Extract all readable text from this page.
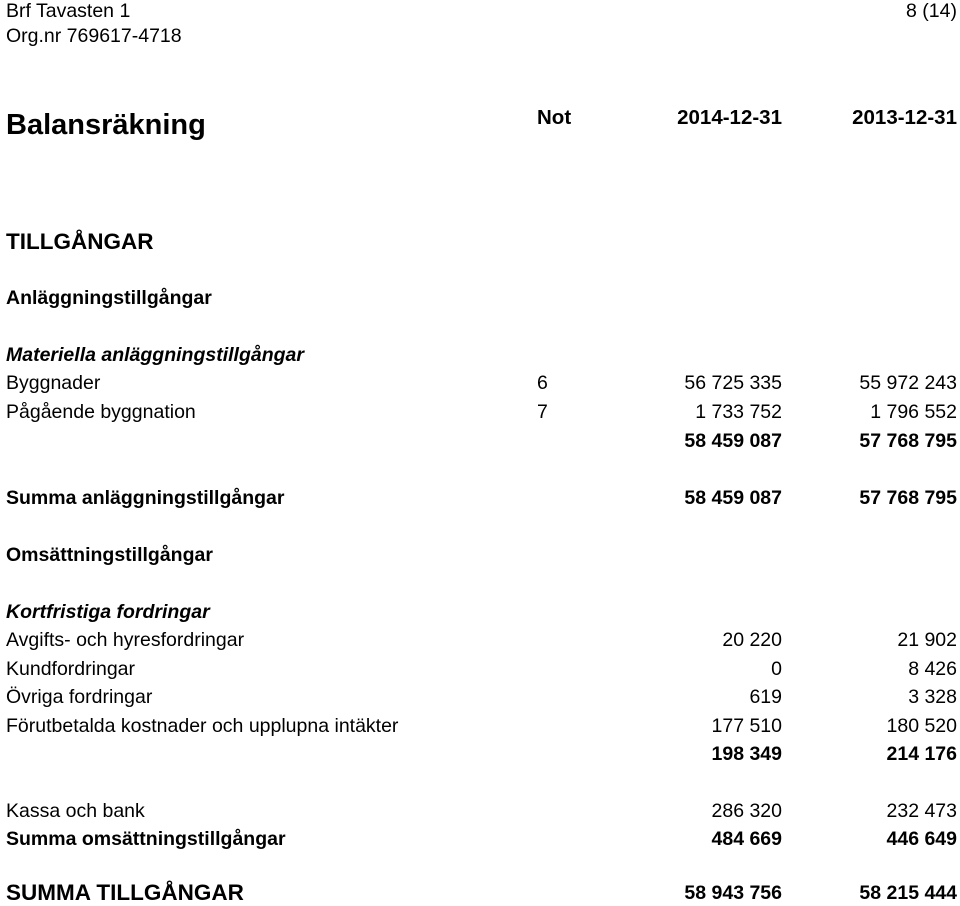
Brf Tavasten 1
Org.nr 769617-4718
8 (14)
Balansräkning	Not	2014-12-31	2013-12-31
TILLGÅNGAR
Anläggningstillgångar
Materiella anläggningstillgångar
Byggnader	6	56 725 335	55 972 243
Pågående byggnation	7	1 733 752	1 796 552
58 459 087	57 768 795
Summa anläggningstillgångar	58 459 087	57 768 795
Omsättningstillgångar
Kortfristiga fordringar
Avgifts- och hyresfordringar	20 220	21 902
Kundfordringar	0	8 426
Övriga fordringar	619	3 328
Förutbetalda kostnader och upplupna intäkter	177 510	180 520
198 349	214 176
Kassa och bank	286 320	232 473
Summa omsättningstillgångar	484 669	446 649
SUMMA TILLGÅNGAR	58 943 756	58 215 444
